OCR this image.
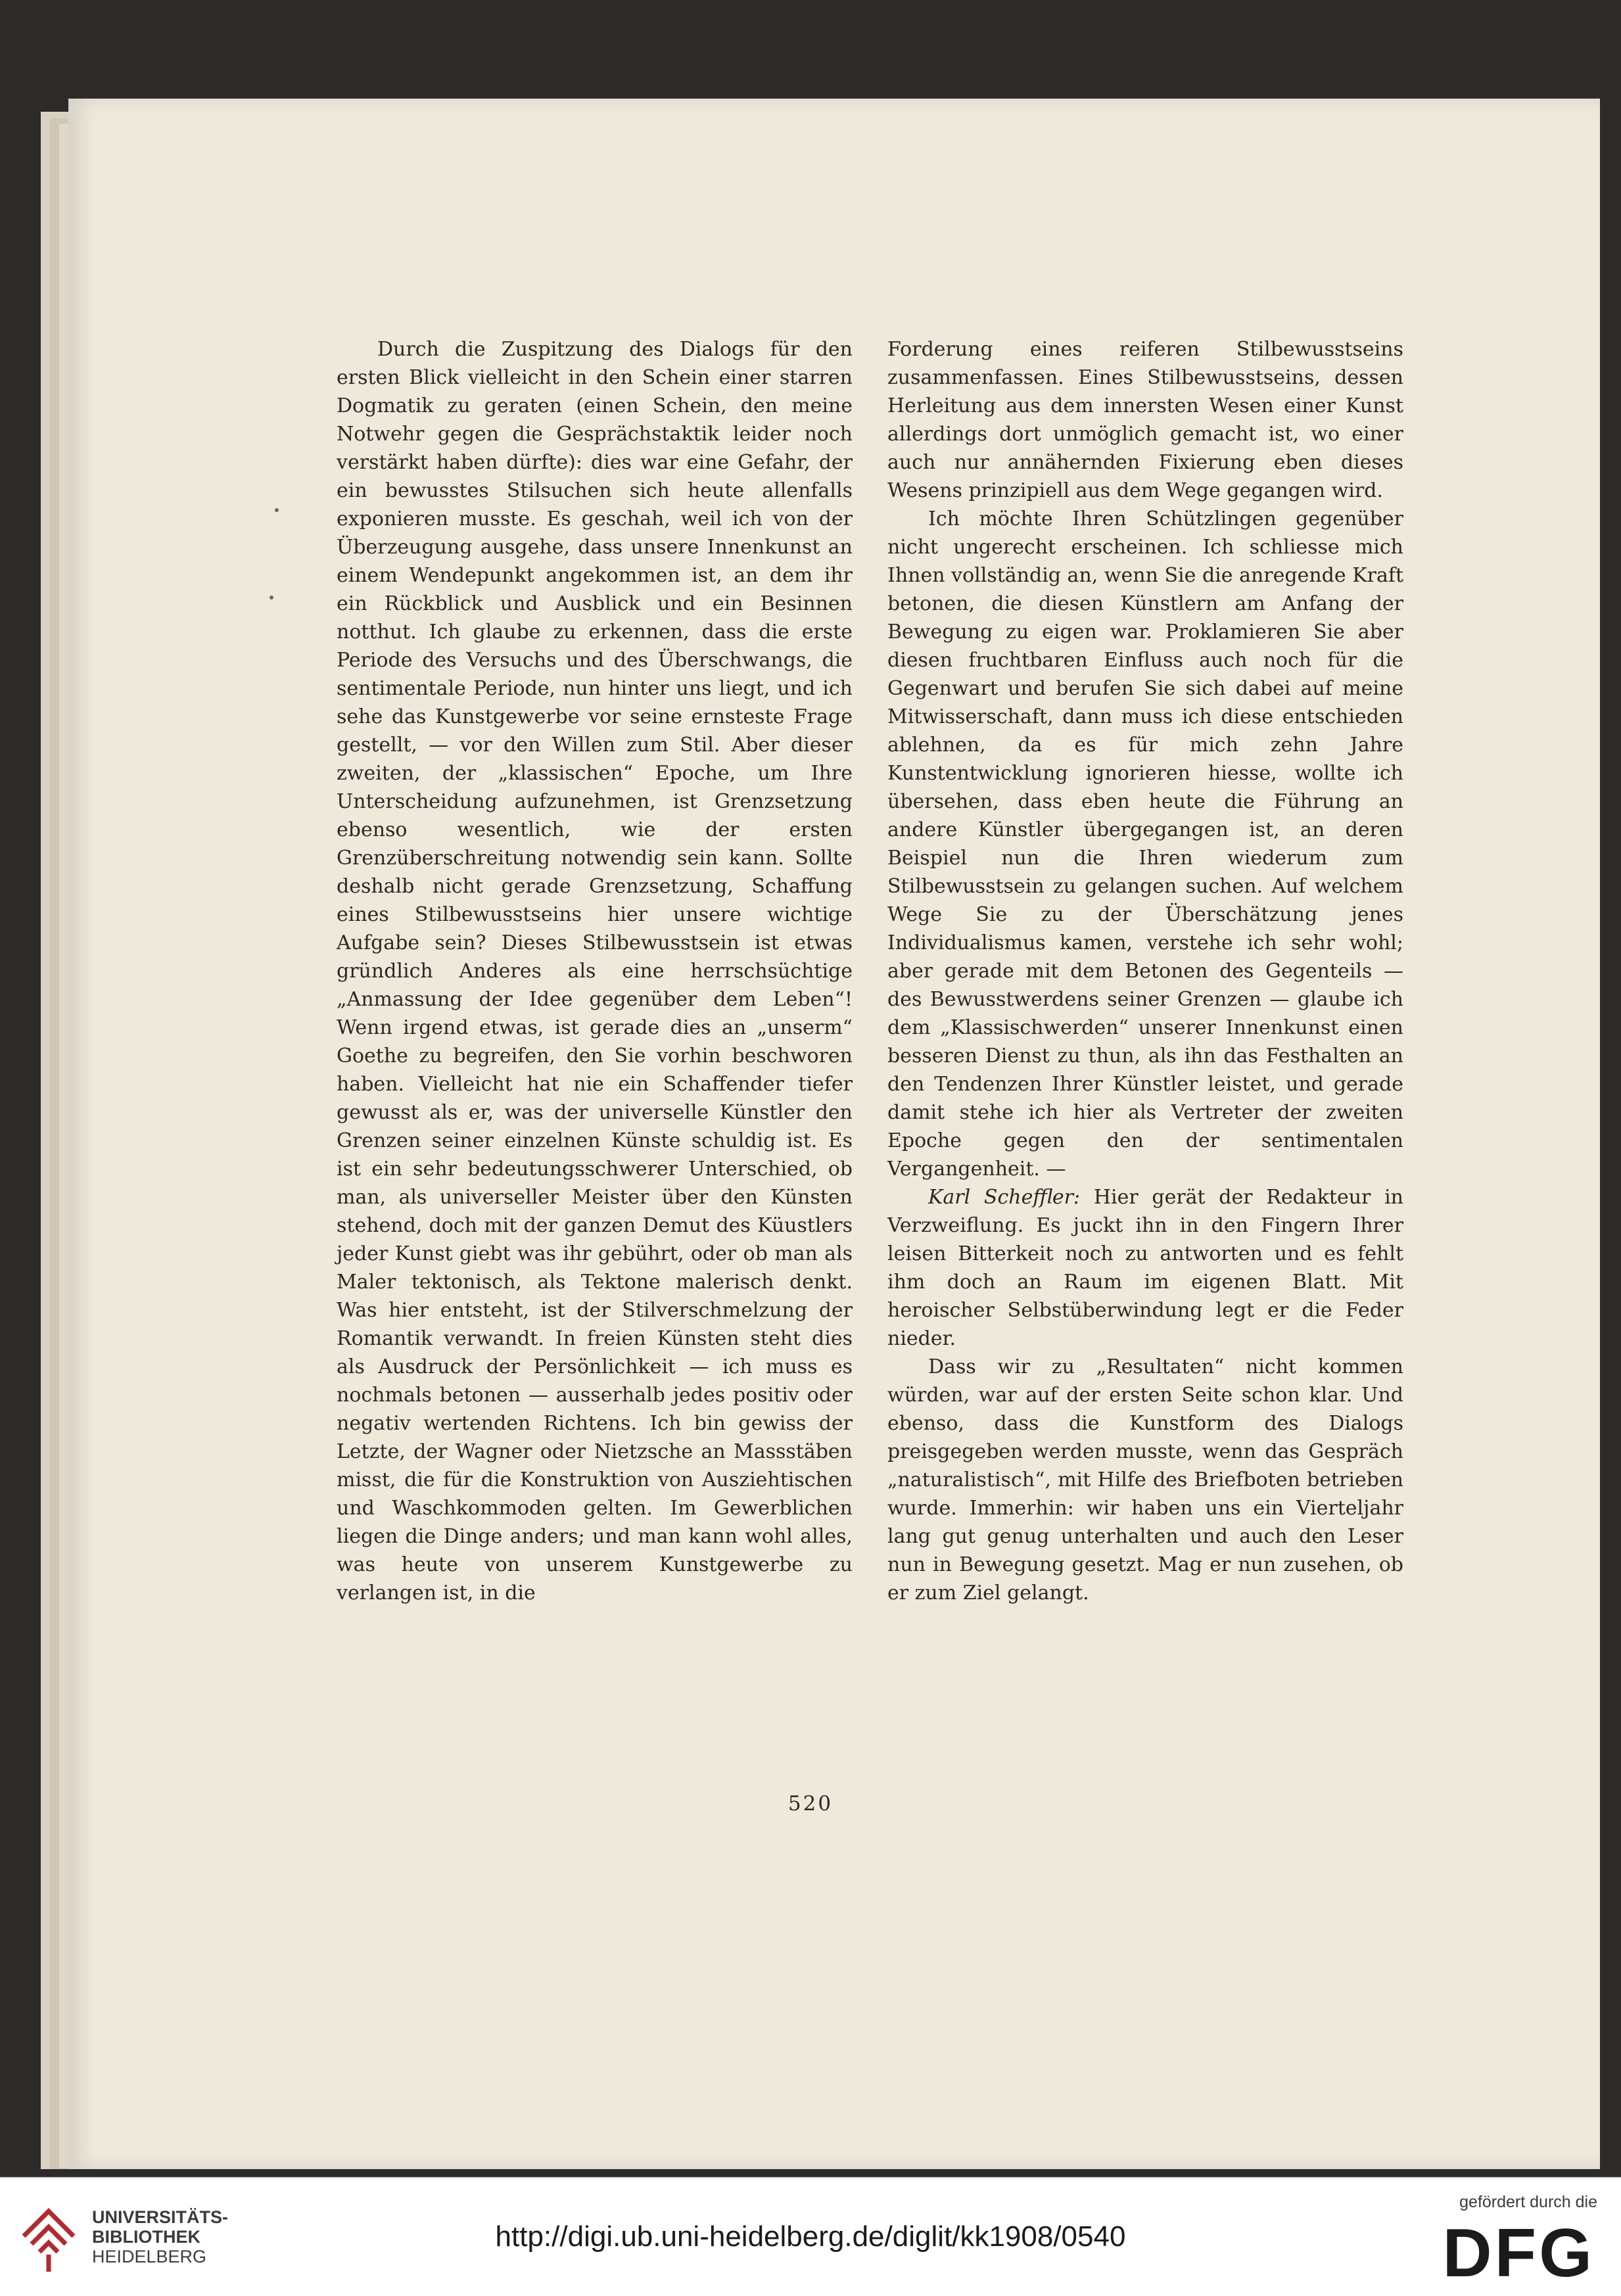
Durch die Zuspitzung des Dialogs für den ersten Blick vielleicht in den Schein einer starren Dogmatik zu geraten (einen Schein, den meine Notwehr gegen die Gesprächstaktik leider noch verstärkt haben dürfte): dies war eine Gefahr, der ein bewusstes Stilsuchen sich heute allenfalls exponieren musste. Es geschah, weil ich von der Überzeugung ausgehe, dass unsere Innenkunst an einem Wendepunkt angekommen ist, an dem ihr ein Rückblick und Ausblick und ein Besinnen notthut. Ich glaube zu erkennen, dass die erste Periode des Versuchs und des Überschwangs, die sentimentale Periode, nun hinter uns liegt, und ich sehe das Kunstgewerbe vor seine ernsteste Frage gestellt, — vor den Willen zum Stil. Aber dieser zweiten, der „klassischen“ Epoche, um Ihre Unterscheidung aufzunehmen, ist Grenzsetzung ebenso wesentlich, wie der ersten Grenzüberschreitung notwendig sein kann. Sollte deshalb nicht gerade Grenzsetzung, Schaffung eines Stilbewusstseins hier unsere wichtige Aufgabe sein? Dieses Stilbewusstsein ist etwas gründlich Anderes als eine herrschsüchtige „Anmassung der Idee gegenüber dem Leben“! Wenn irgend etwas, ist gerade dies an „unserm“ Goethe zu begreifen, den Sie vorhin beschworen haben. Vielleicht hat nie ein Schaffender tiefer gewusst als er, was der universelle Künstler den Grenzen seiner einzelnen Künste schuldig ist. Es ist ein sehr bedeutungsschwerer Unterschied, ob man, als universeller Meister über den Künsten stehend, doch mit der ganzen Demut des Küustlers jeder Kunst giebt was ihr gebührt, oder ob man als Maler tektonisch, als Tektone malerisch denkt. Was hier entsteht, ist der Stilverschmelzung der Romantik verwandt. In freien Künsten steht dies als Ausdruck der Persönlichkeit — ich muss es nochmals betonen — ausserhalb jedes positiv oder negativ wertenden Richtens. Ich bin gewiss der Letzte, der Wagner oder Nietzsche an Massstäben misst, die für die Konstruktion von Ausziehtischen und Waschkommoden gelten. Im Gewerblichen liegen die Dinge anders; und man kann wohl alles, was heute von unserem Kunstgewerbe zu verlangen ist, in die

Forderung eines reiferen Stilbewusstseins zusammenfassen. Eines Stilbewusstseins, dessen Herleitung aus dem innersten Wesen einer Kunst allerdings dort unmöglich gemacht ist, wo einer auch nur annähernden Fixierung eben dieses Wesens prinzipiell aus dem Wege gegangen wird.

Ich möchte Ihren Schützlingen gegenüber nicht ungerecht erscheinen. Ich schliesse mich Ihnen vollständig an, wenn Sie die anregende Kraft betonen, die diesen Künstlern am Anfang der Bewegung zu eigen war. Proklamieren Sie aber diesen fruchtbaren Einfluss auch noch für die Gegenwart und berufen Sie sich dabei auf meine Mitwisserschaft, dann muss ich diese entschieden ablehnen, da es für mich zehn Jahre Kunstentwicklung ignorieren hiesse, wollte ich übersehen, dass eben heute die Führung an andere Künstler übergegangen ist, an deren Beispiel nun die Ihren wiederum zum Stilbewusstsein zu gelangen suchen. Auf welchem Wege Sie zu der Überschätzung jenes Individualismus kamen, verstehe ich sehr wohl; aber gerade mit dem Betonen des Gegenteils — des Bewusstwerdens seiner Grenzen — glaube ich dem „Klassischwerden“ unserer Innenkunst einen besseren Dienst zu thun, als ihn das Festhalten an den Tendenzen Ihrer Künstler leistet, und gerade damit stehe ich hier als Vertreter der zweiten Epoche gegen den der sentimentalen Vergangenheit. —

Karl Scheffler: Hier gerät der Redakteur in Verzweiflung. Es juckt ihn in den Fingern Ihrer leisen Bitterkeit noch zu antworten und es fehlt ihm doch an Raum im eigenen Blatt. Mit heroischer Selbstüberwindung legt er die Feder nieder.

Dass wir zu „Resultaten“ nicht kommen würden, war auf der ersten Seite schon klar. Und ebenso, dass die Kunstform des Dialogs preisgegeben werden musste, wenn das Gespräch „naturalistisch“, mit Hilfe des Briefboten betrieben wurde. Immerhin: wir haben uns ein Vierteljahr lang gut genug unterhalten und auch den Leser nun in Bewegung gesetzt. Mag er nun zusehen, ob er zum Ziel gelangt.

520
UNIVERSITÄTS-
BIBLIOTHEK
HEIDELBERG
http://digi.ub.uni-heidelberg.de/diglit/kk1908/0540
gefördert durch die
DFG
